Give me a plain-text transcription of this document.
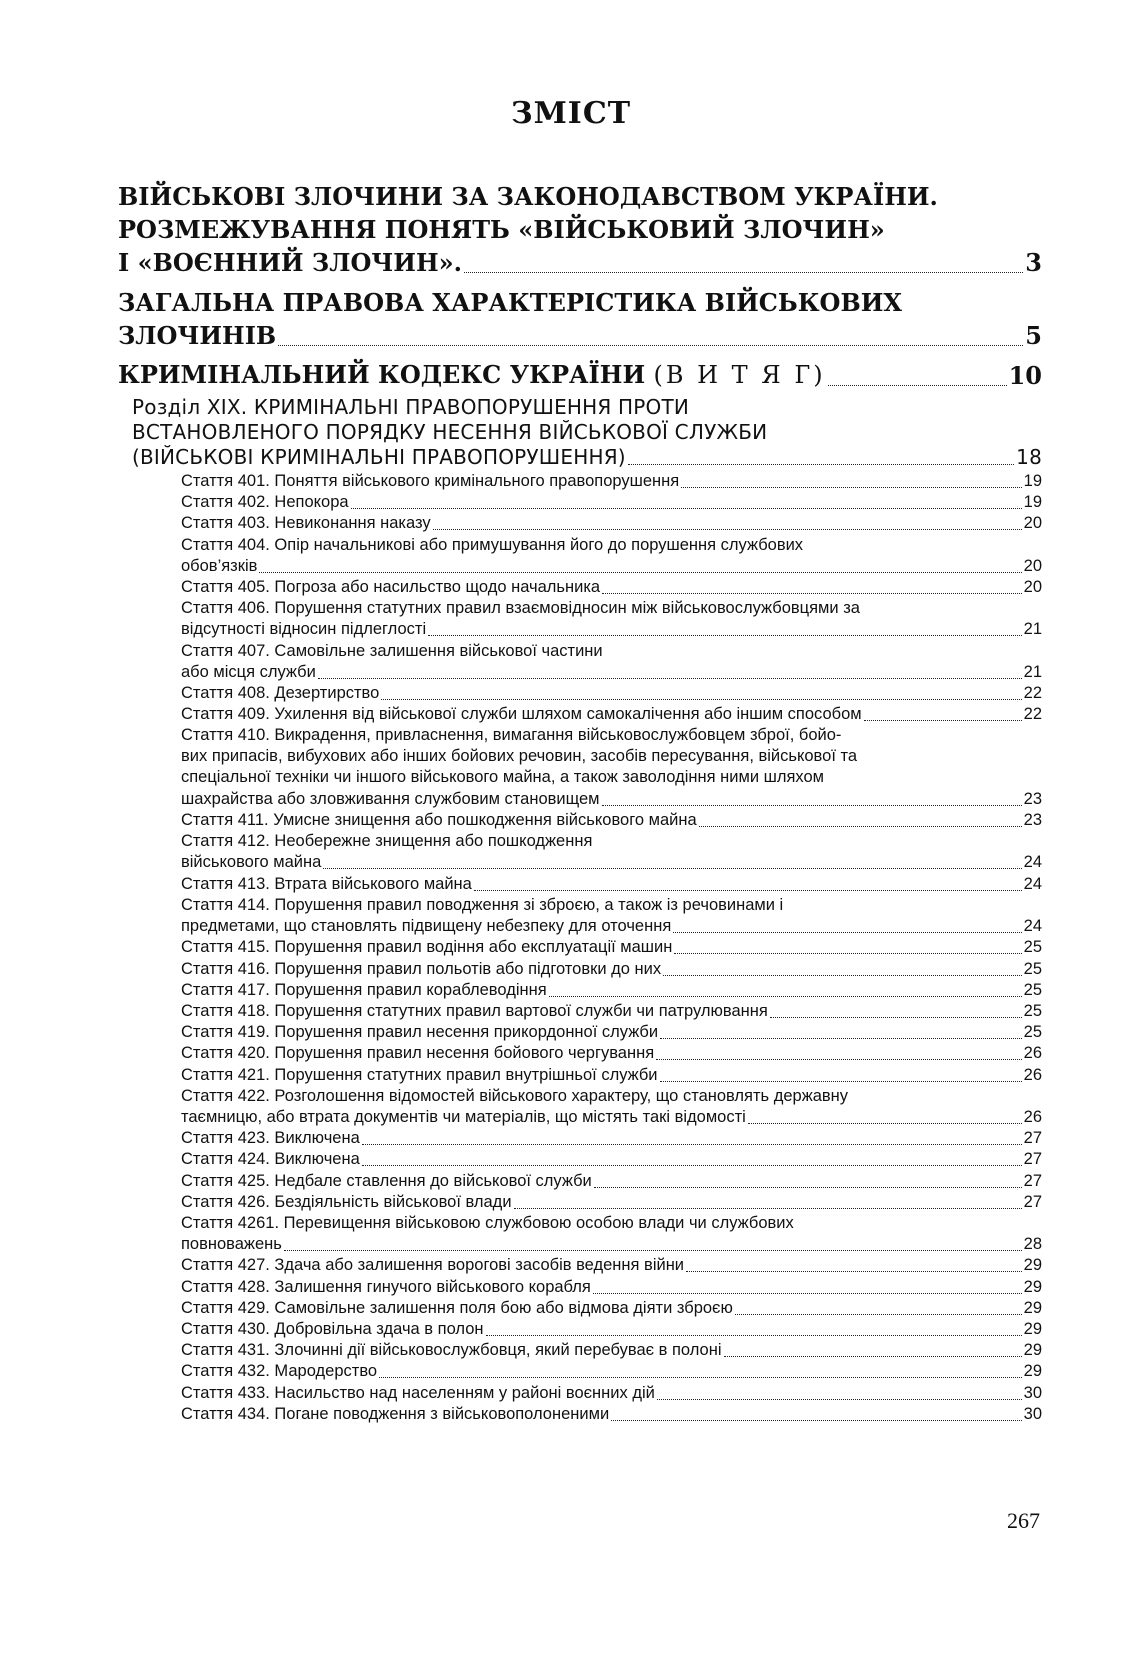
ЗМІСТ
ВІЙСЬКОВІ ЗЛОЧИНИ ЗА ЗАКОНОДАВСТВОМ УКРАЇНИ.
РОЗМЕЖУВАННЯ ПОНЯТЬ «ВІЙСЬКОВИЙ ЗЛОЧИН»
І «ВОЄННИЙ ЗЛОЧИН».	3
ЗАГАЛЬНА ПРАВОВА ХАРАКТЕРІСТИКА ВІЙСЬКОВИХ
ЗЛОЧИНІВ	5
КРИМІНАЛЬНИЙ КОДЕКС УКРАЇНИ (В И Т Я Г)	10
Розділ XIX. КРИМІНАЛЬНІ ПРАВОПОРУШЕННЯ ПРОТИ
ВСТАНОВЛЕНОГО ПОРЯДКУ НЕСЕННЯ ВІЙСЬКОВОЇ СЛУЖБИ
(ВІЙСЬКОВІ КРИМІНАЛЬНІ ПРАВОПОРУШЕННЯ)	18
Стаття 401. Поняття військового кримінального правопорушення	19
Стаття 402. Непокора	19
Стаття 403. Невиконання наказу	20
Стаття 404. Опір начальникові або примушування його до порушення службових
обов’язків	20
Стаття 405. Погроза або насильство щодо начальника	20
Стаття 406. Порушення статутних правил взаємовідносин між військовослужбовцями за
відсутності відносин підлеглості	21
Стаття 407. Самовільне залишення військової частини
або місця служби	21
Стаття 408. Дезертирство	22
Стаття 409. Ухилення від військової служби шляхом самокалічення або іншим способом	22
Стаття 410. Викрадення, привласнення, вимагання військовослужбовцем зброї, бойо-
вих припасів, вибухових або інших бойових речовин, засобів пересування, військової та
спеціальної техніки чи іншого військового майна, а також заволодіння ними шляхом
шахрайства або зловживання службовим становищем	23
Стаття 411. Умисне знищення або пошкодження військового майна	23
Стаття 412. Необережне знищення або пошкодження
військового майна	24
Стаття 413. Втрата військового майна	24
Стаття 414. Порушення правил поводження зі зброєю, а також із речовинами і
предметами, що становлять підвищену небезпеку для оточення	24
Стаття 415. Порушення правил водіння або експлуатації машин	25
Стаття 416. Порушення правил польотів або підготовки до них	25
Стаття 417. Порушення правил кораблеводіння	25
Стаття 418. Порушення статутних правил вартової служби чи патрулювання	25
Стаття 419. Порушення правил несення прикордонної служби	25
Стаття 420. Порушення правил несення бойового чергування	26
Стаття 421. Порушення статутних правил внутрішньої служби	26
Стаття 422. Розголошення відомостей військового характеру, що становлять державну
таємницю, або втрата документів чи матеріалів, що містять такі відомості	26
Стаття 423. Виключена	27
Стаття 424. Виключена	27
Стаття 425. Недбале ставлення до військової служби	27
Стаття 426. Бездіяльність військової влади	27
Стаття 4261. Перевищення військовою службовою особою влади чи службових
повноважень	28
Стаття 427. Здача або залишення ворогові засобів ведення війни	29
Стаття 428. Залишення гинучого військового корабля	29
Стаття 429. Самовільне залишення поля бою або відмова діяти зброєю	29
Стаття 430. Добровільна здача в полон	29
Стаття 431. Злочинні дії військовослужбовця, який перебуває в полоні	29
Стаття 432. Мародерство	29
Стаття 433. Насильство над населенням у районі воєнних дій	30
Стаття 434. Погане поводження з військовополоненими	30
267
